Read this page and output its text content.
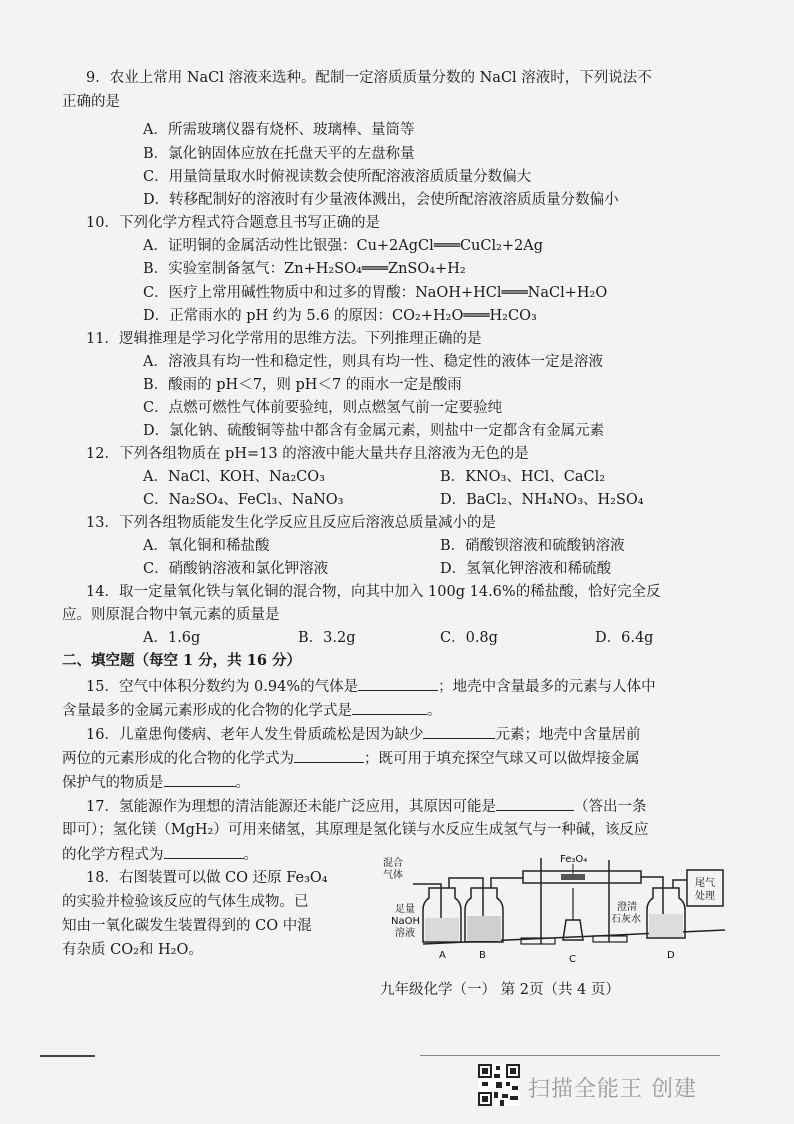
9．农业上常用 NaCl 溶液来选种。配制一定溶质质量分数的 NaCl 溶液时，下列说法不
正确的是
A．所需玻璃仪器有烧杯、玻璃棒、量筒等
B．氯化钠固体应放在托盘天平的左盘称量
C．用量筒量取水时俯视读数会使所配溶液溶质质量分数偏大
D．转移配制好的溶液时有少量液体溅出，会使所配溶液溶质质量分数偏小
10．下列化学方程式符合题意且书写正确的是
A．证明铜的金属活动性比银强：Cu+2AgCl═══CuCl₂+2Ag
B．实验室制备氢气：Zn+H₂SO₄═══ZnSO₄+H₂
C．医疗上常用碱性物质中和过多的胃酸：NaOH+HCl═══NaCl+H₂O
D．正常雨水的 pH 约为 5.6 的原因：CO₂+H₂O═══H₂CO₃
11．逻辑推理是学习化学常用的思维方法。下列推理正确的是
A．溶液具有均一性和稳定性，则具有均一性、稳定性的液体一定是溶液
B．酸雨的 pH＜7，则 pH＜7 的雨水一定是酸雨
C．点燃可燃性气体前要验纯，则点燃氢气前一定要验纯
D．氯化钠、硫酸铜等盐中都含有金属元素，则盐中一定都含有金属元素
12．下列各组物质在 pH=13 的溶液中能大量共存且溶液为无色的是
A．NaCl、KOH、Na₂CO₃	B．KNO₃、HCl、CaCl₂
C．Na₂SO₄、FeCl₃、NaNO₃	D．BaCl₂、NH₄NO₃、H₂SO₄
13．下列各组物质能发生化学反应且反应后溶液总质量减小的是
A．氧化铜和稀盐酸	B．硝酸钡溶液和硫酸钠溶液
C．硝酸钠溶液和氯化钾溶液	D．氢氧化钾溶液和稀硫酸
14．取一定量氧化铁与氧化铜的混合物，向其中加入 100g 14.6%的稀盐酸，恰好完全反
应。则原混合物中氧元素的质量是
A．1.6g	B．3.2g	C．0.8g	D．6.4g
二、填空题（每空 1 分，共 16 分）
15．空气中体积分数约为 0.94%的气体是	；地壳中含量最多的元素与人体中
含量最多的金属元素形成的化合物的化学式是	。
16．儿童患佝偻病、老年人发生骨质疏松是因为缺少	元素；地壳中含量居前
两位的元素形成的化合物的化学式为	；既可用于填充探空气球又可以做焊接金属
保护气的物质是	。
17．氢能源作为理想的清洁能源还未能广泛应用，其原因可能是	（答出一条
即可）；氢化镁（MgH₂）可用来储氢，其原理是氢化镁与水反应生成氢气与一种碱，该反应
的化学方程式为	。
18．右图装置可以做 CO 还原 Fe₃O₄
的实验并检验该反应的气体生成物。已
知由一氧化碳发生装置得到的 CO 中混
有杂质 CO₂和 H₂O。
混合
气体
足量
NaOH
溶液
Fe₃O₄
澄清
石灰水
尾气
处理
A	B	C	D
九年级化学（一） 第 2页（共 4 页）
扫描全能王 创建
